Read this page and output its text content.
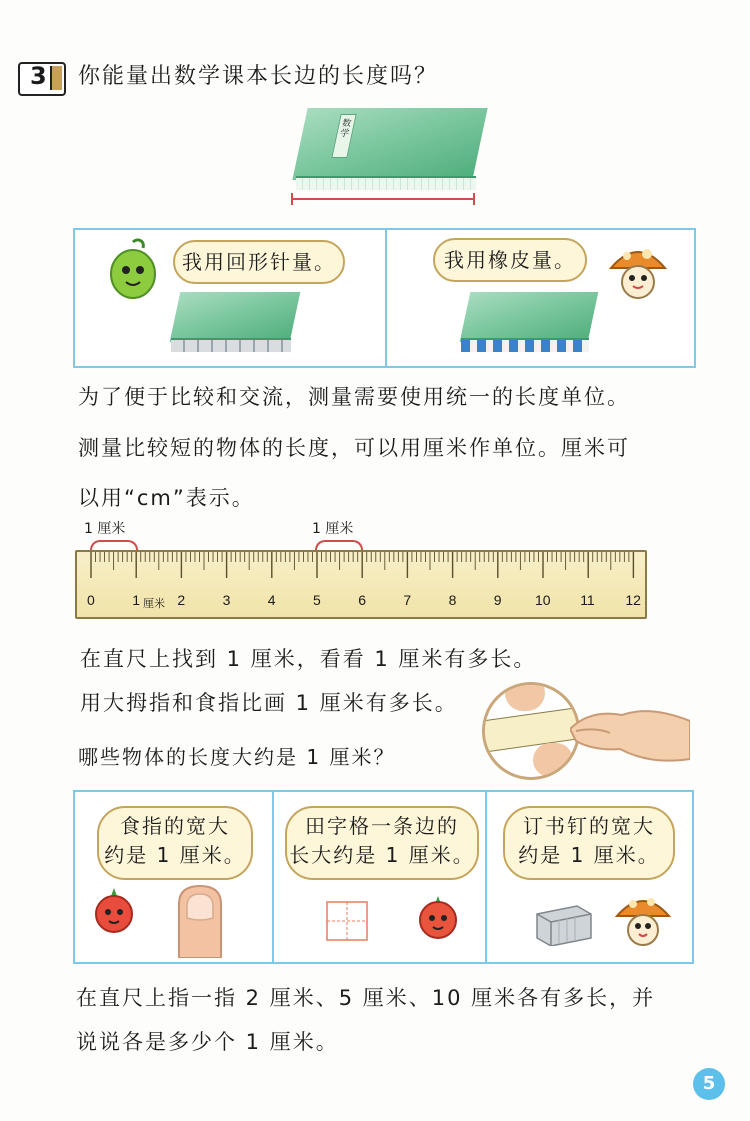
3 你能量出数学课本长边的长度吗？
数学
我用回形针量。	我用橡皮量。
为了便于比较和交流，测量需要使用统一的长度单位。
测量比较短的物体的长度，可以用厘米作单位。厘米可
以用“cm”表示。
1 厘米	1 厘米
0	1	2	3	4	5	6	7	8	9 10 11 12
厘米
在直尺上找到 1 厘米，看看 1 厘米有多长。
用大拇指和食指比画 1 厘米有多长。
哪些物体的长度大约是 1 厘米？
食指的宽大
约是 1 厘米。
田字格一条边的
长大约是 1 厘米。
订书钉的宽大
约是 1 厘米。
在直尺上指一指 2 厘米、5 厘米、10 厘米各有多长，并
说说各是多少个 1 厘米。
5
